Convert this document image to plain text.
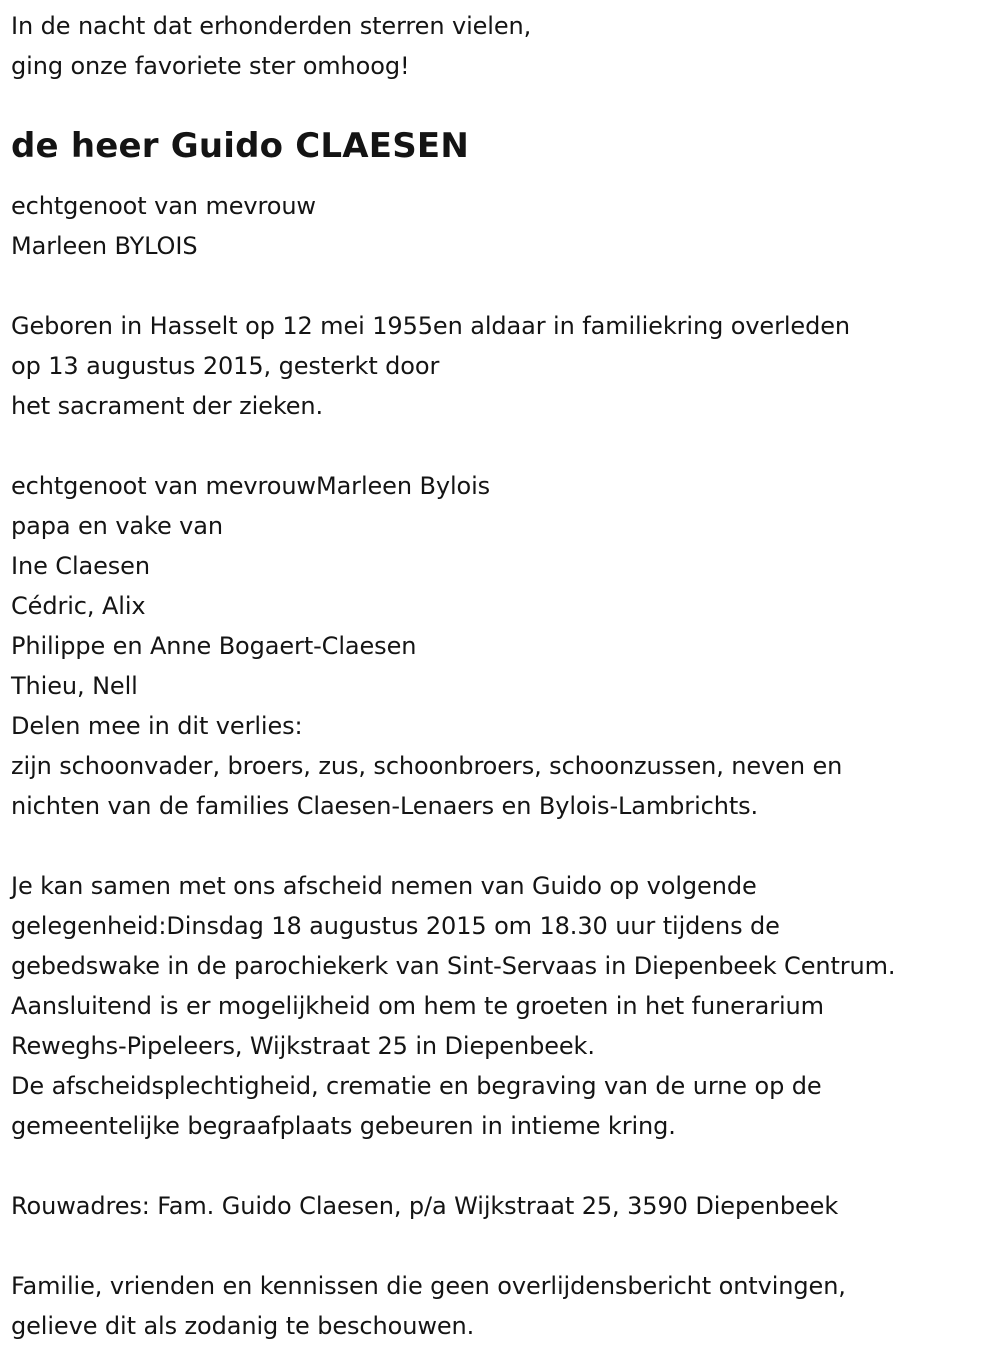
In de nacht dat erhonderden sterren vielen,
ging onze favoriete ster omhoog!
de heer Guido CLAESEN
echtgenoot van mevrouw
Marleen BYLOIS
Geboren in Hasselt op 12 mei 1955en aldaar in familiekring overleden
op 13 augustus 2015, gesterkt door
het sacrament der zieken.
echtgenoot van mevrouwMarleen Bylois
papa en vake van
Ine Claesen
Cédric, Alix
Philippe en Anne Bogaert-Claesen
Thieu, Nell
Delen mee in dit verlies:
zijn schoonvader, broers, zus, schoonbroers, schoonzussen, neven en
nichten van de families Claesen-Lenaers en Bylois-Lambrichts.
Je kan samen met ons afscheid nemen van Guido op volgende
gelegenheid:Dinsdag 18 augustus 2015 om 18.30 uur tijdens de
gebedswake in de parochiekerk van Sint-Servaas in Diepenbeek Centrum.
Aansluitend is er mogelijkheid om hem te groeten in het funerarium
Reweghs-Pipeleers, Wijkstraat 25 in Diepenbeek.
De afscheidsplechtigheid, crematie en begraving van de urne op de
gemeentelijke begraafplaats gebeuren in intieme kring.
Rouwadres: Fam. Guido Claesen, p/a Wijkstraat 25, 3590 Diepenbeek
Familie, vrienden en kennissen die geen overlijdensbericht ontvingen,
gelieve dit als zodanig te beschouwen.
